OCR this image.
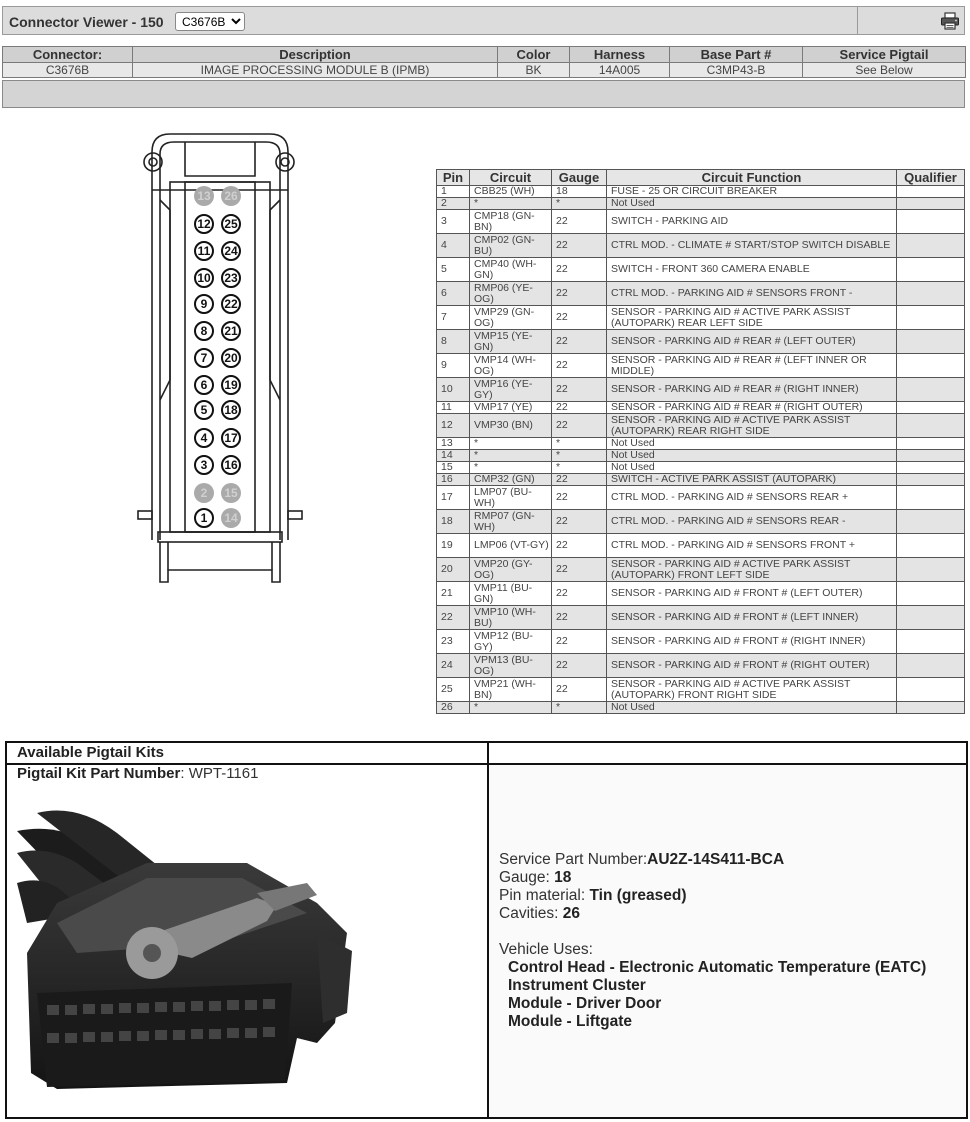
Connector Viewer - 150
C3676B
Connector:	Description	Color	Harness	Base Part #	Service Pigtail
C3676B	IMAGE PROCESSING MODULE B (IPMB)	BK	14A005	C3MP43-B	See Below
13 26
12 25
11	24
10 23
9	22
8	21
7	20
6	19
5	18
4	17
3	16
2	15
1	14
Pin	Circuit	Gauge	Circuit Function	Qualifier
1	CBB25 (WH)	18	FUSE - 25 OR CIRCUIT BREAKER	
2	*	*	Not Used	
3	CMP18 (GN-BN)	22	SWITCH - PARKING AID	
4	CMP02 (GN-BU)	22	CTRL MOD. - CLIMATE # START/STOP SWITCH DISABLE	
5	CMP40 (WH-GN)	22	SWITCH - FRONT 360 CAMERA ENABLE	
6	RMP06 (YE-OG)	22	CTRL MOD. - PARKING AID # SENSORS FRONT -	
7	VMP29 (GN-OG)	22	SENSOR - PARKING AID # ACTIVE PARK ASSIST (AUTOPARK) REAR LEFT SIDE	
8	VMP15 (YE-GN)	22	SENSOR - PARKING AID # REAR # (LEFT OUTER)	
9	VMP14 (WH-OG)	22	SENSOR - PARKING AID # REAR # (LEFT INNER OR MIDDLE)	
10	VMP16 (YE-GY)	22	SENSOR - PARKING AID # REAR # (RIGHT INNER)	
11	VMP17 (YE)	22	SENSOR - PARKING AID # REAR # (RIGHT OUTER)	
12	VMP30 (BN)	22	SENSOR - PARKING AID # ACTIVE PARK ASSIST (AUTOPARK) REAR RIGHT SIDE	
13	*	*	Not Used	
14	*	*	Not Used	
15	*	*	Not Used	
16	CMP32 (GN)	22	SWITCH - ACTIVE PARK ASSIST (AUTOPARK)	
17	LMP07 (BU-WH)	22	CTRL MOD. - PARKING AID # SENSORS REAR +	
18	RMP07 (GN-WH)	22	CTRL MOD. - PARKING AID # SENSORS REAR -	
19	LMP06 (VT-GY)	22	CTRL MOD. - PARKING AID # SENSORS FRONT +	
20	VMP20 (GY-OG)	22	SENSOR - PARKING AID # ACTIVE PARK ASSIST (AUTOPARK) FRONT LEFT SIDE	
21	VMP11 (BU-GN)	22	SENSOR - PARKING AID # FRONT # (LEFT OUTER)	
22	VMP10 (WH-BU)	22	SENSOR - PARKING AID # FRONT # (LEFT INNER)	
23	VMP12 (BU-GY)	22	SENSOR - PARKING AID # FRONT # (RIGHT INNER)	
24	VPM13 (BU-OG)	22	SENSOR - PARKING AID # FRONT # (RIGHT OUTER)	
25	VMP21 (WH-BN)	22	SENSOR - PARKING AID # ACTIVE PARK ASSIST (AUTOPARK) FRONT RIGHT SIDE	
26	*	*	Not Used	
Available Pigtail Kits
Pigtail Kit Part Number: WPT-1161
Service Part Number:AU2Z-14S411-BCA
Gauge: 18
Pin material: Tin (greased)
Cavities: 26
Vehicle Uses:
Control Head - Electronic Automatic Temperature (EATC)
Instrument Cluster
Module - Driver Door
Module - Liftgate
